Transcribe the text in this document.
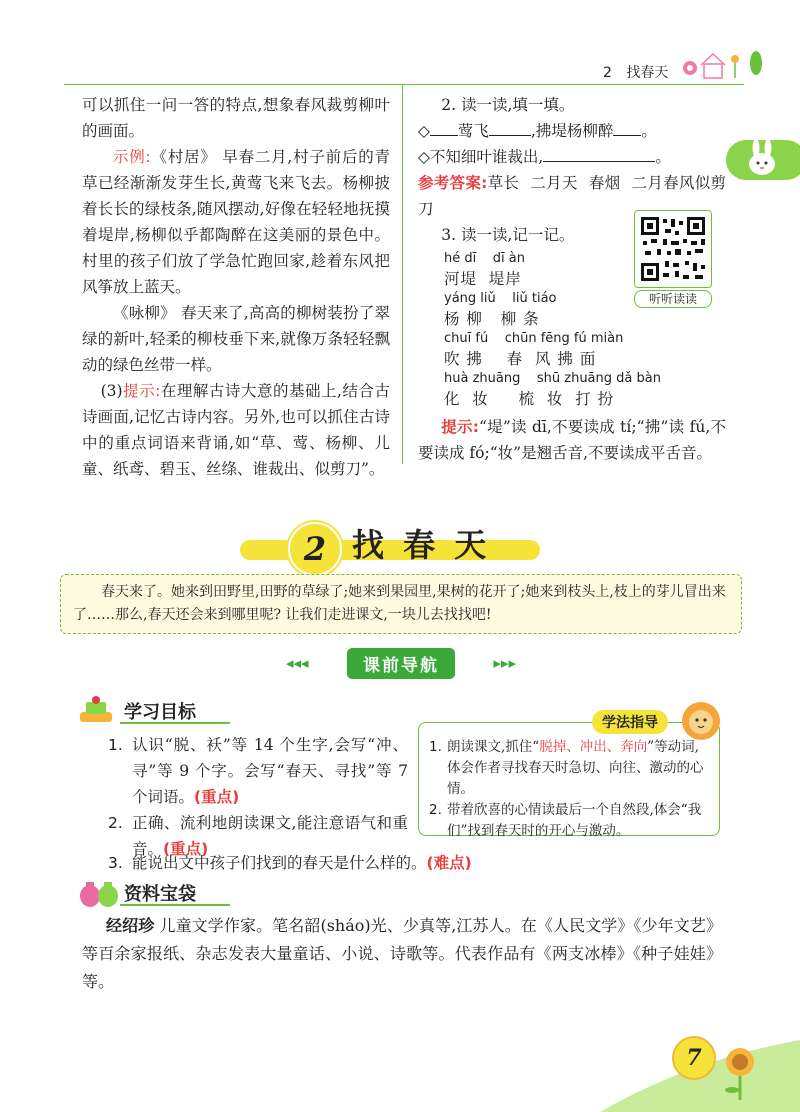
2 找春天

可以抓住一问一答的特点,想象春风裁剪柳叶的画面。

示例:《村居》 早春二月,村子前后的青草已经渐渐发芽生长,黄莺飞来飞去。杨柳披着长长的绿枝条,随风摆动,好像在轻轻地抚摸着堤岸,杨柳似乎都陶醉在这美丽的景色中。村里的孩子们放了学急忙跑回家,趁着东风把风筝放上蓝天。

《咏柳》 春天来了,高高的柳树装扮了翠绿的新叶,轻柔的柳枝垂下来,就像万条轻轻飘动的绿色丝带一样。

(3)提示:在理解古诗大意的基础上,结合古诗画面,记忆古诗内容。另外,也可以抓住古诗中的重点词语来背诵,如“草、莺、杨柳、儿童、纸鸢、碧玉、丝绦、谁裁出、似剪刀”。

2. 读一读,填一填。

◇ 莺飞	,拂堤杨柳醉 。

◇不知细叶谁裁出,	。

参考答案:草长 二月天 春烟 二月春风似剪刀

3. 读一读,记一记。

hé dī    dī àn
河堤  堤岸
yáng liǔ    liǔ tiáo
杨 柳   柳 条
chuī fú    chūn fēng fú miàn
吹 拂    春  风 拂 面
huà zhuāng    shū zhuāng dǎ bàn
化  妆     梳  妆  打 扮

提示:“堤”读 dī,不要读成 tí;“拂”读 fú,不要读成 fó;“妆”是翘舌音,不要读成平舌音。

听听读读
2 找 春 天

春天来了。她来到田野里,田野的草绿了;她来到果园里,果树的花开了;她来到枝头上,枝上的芽儿冒出来了……那么,春天还会来到哪里呢? 让我们走进课文,一块儿去找找吧!

◂◂◂	课前导航	▸▸▸
学习目标
1. 认识“脱、袄”等 14 个生字,会写“冲、寻”等 9 个字。会写“春天、寻找”等 7 个词语。(重点)

2. 正确、流利地朗读课文,能注意语气和重音。(重点)

3. 能说出文中孩子们找到的春天是什么样的。(难点)

1. 朗读课文,抓住“脱掉、冲出、奔向”等动词,体会作者寻找春天时急切、向往、激动的心情。
2. 带着欣喜的心情读最后一个自然段,体会“我们”找到春天时的开心与激动。
学法指导
资料宝袋

经绍珍 儿童文学作家。笔名韶(sháo)光、少真等,江苏人。在《人民文学》《少年文艺》等百余家报纸、杂志发表大量童话、小说、诗歌等。代表作品有《两支冰棒》《种子娃娃》等。

7
